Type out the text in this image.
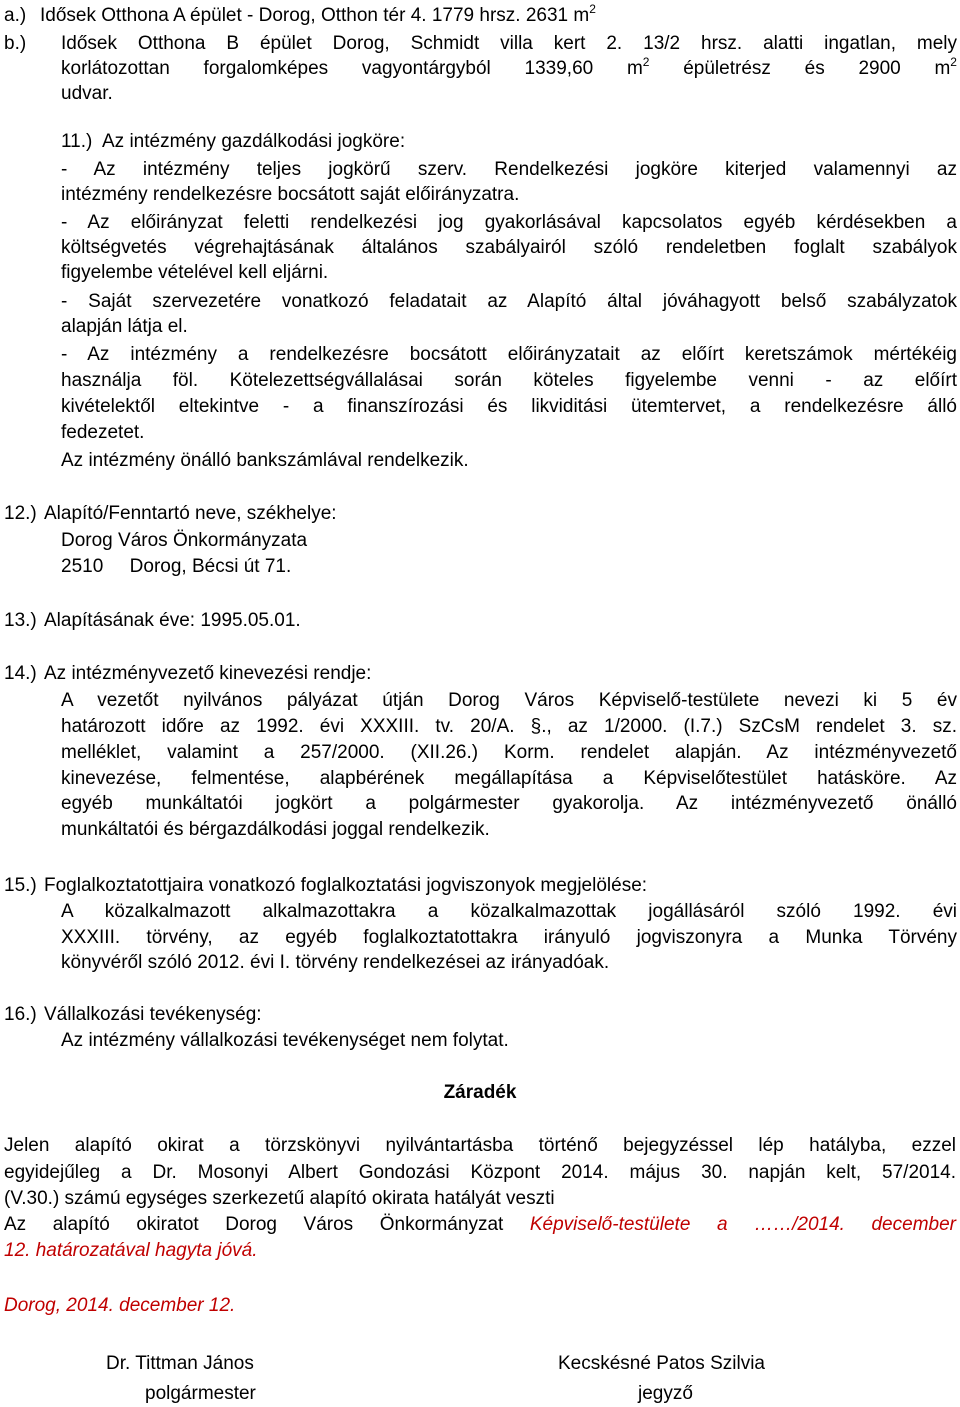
a.) Idősek Otthona A épület - Dorog, Otthon tér 4. 1779 hrsz. 2631 $m^2$
b.) Idősek Otthona B épület Dorog, Schmidt villa kert 2. 13/2 hrsz. alatti ingatlan, mely
korlátozottan forgalomképes vagyontárgyból 1339,60 $m^2$ épületrész és 2900 $m^2$
udvar.
11.) Az intézmény gazdálkodási jogköre:
- Az intézmény teljes jogkörű szerv. Rendelkezési jogköre kiterjed valamennyi az
intézmény rendelkezésre bocsátott saját előirányzatra.
- Az előirányzat feletti rendelkezési jog gyakorlásával kapcsolatos egyéb kérdésekben a
költségvetés végrehajtásának általános szabályairól szóló rendeletben foglalt szabályok
figyelembe vételével kell eljárni.
- Saját szervezetére vonatkozó feladatait az Alapító által jóváhagyott belső szabályzatok
alapján látja el.
- Az intézmény a rendelkezésre bocsátott előirányzatait az előírt keretszámok mértékéig
használja föl. Kötelezettségvállalásai során köteles figyelembe venni - az előírt
kivételektől eltekintve - a finanszírozási és likviditási ütemtervet, a rendelkezésre álló
fedezetet.
Az intézmény önálló bankszámlával rendelkezik.
12.) Alapító/Fenntartó neve, székhelye:
Dorog Város Önkormányzata
2510     Dorog, Bécsi út 71.
13.) Alapításának éve: 1995.05.01.
14.) Az intézményvezető kinevezési rendje:
A vezetőt nyilvános pályázat útján Dorog Város Képviselő-testülete nevezi ki 5 év
határozott időre az 1992. évi XXXIII. tv. 20/A. §., az 1/2000. (I.7.) SzCsM rendelet 3. sz.
melléklet, valamint a 257/2000. (XII.26.) Korm. rendelet alapján. Az intézményvezető
kinevezése, felmentése, alapbérének megállapítása a Képviselőtestület hatásköre. Az
egyéb munkáltatói jogkört a polgármester gyakorolja. Az intézményvezető önálló
munkáltatói és bérgazdálkodási joggal rendelkezik.
15.) Foglalkoztatottjaira vonatkozó foglalkoztatási jogviszonyok megjelölése:
A közalkalmazott alkalmazottakra a közalkalmazottak jogállásáról szóló 1992. évi
XXXIII. törvény, az egyéb foglalkoztatottakra irányuló jogviszonyra a Munka Törvény
könyvéről szóló 2012. évi I. törvény rendelkezései az irányadóak.
16.) Vállalkozási tevékenység:
Az intézmény vállalkozási tevékenységet nem folytat.
Záradék
Jelen alapító okirat a törzskönyvi nyilvántartásba történő bejegyzéssel lép hatályba, ezzel
egyidejűleg a Dr. Mosonyi Albert Gondozási Központ 2014. május 30. napján kelt, 57/2014.
(V.30.) számú egységes szerkezetű alapító okirata hatályát veszti
Az alapító okiratot Dorog Város Önkormányzat Képviselő-testülete a ……/2014. december
12. határozatával hagyta jóvá.
Dorog, 2014. december 12.
Dr. Tittman János
polgármester
Kecskésné Patos Szilvia
jegyző
